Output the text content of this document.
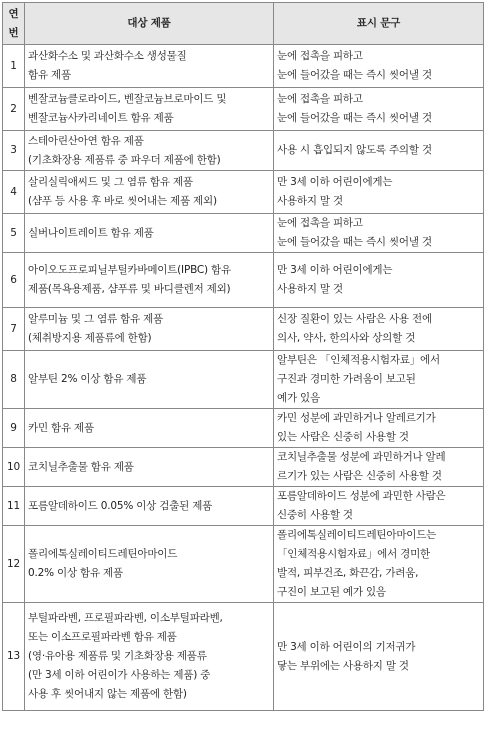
연 번	대상 제품	표시 문구
1	과산화수소 및 과산화수소 생성물질
함유 제품	눈에 접촉을 피하고
눈에 들어갔을 때는 즉시 씻어낼 것

2	벤잘코늄클로라이드, 벤잘코늄브로마이드 및
벤잘코늄사카리네이트 함유 제품	눈에 접촉을 피하고
눈에 들어갔을 때는 즉시 씻어낼 것

3	스테아린산아연 함유 제품
(기초화장용 제품류 중 파우더 제품에 한함)	사용 시 흡입되지 않도록 주의할 것

4	살리실릭애씨드 및 그 염류 함유 제품
(샴푸 등 사용 후 바로 씻어내는 제품 제외)	만 3세 이하 어린이에게는
사용하지 말 것

5	실버나이트레이트 함유 제품	눈에 접촉을 피하고
눈에 들어갔을 때는 즉시 씻어낼 것

6	아이오도프로피닐부틸카바메이트(IPBC) 함유
제품(목욕용제품, 샴푸류 및 바디클렌저 제외)	만 3세 이하 어린이에게는
사용하지 말 것

7	알루미늄 및 그 염류 함유 제품
(체취방지용 제품류에 한함)	신장 질환이 있는 사람은 사용 전에
의사, 약사, 한의사와 상의할 것

8	알부틴 2% 이상 함유 제품	알부틴은 「인체적용시험자료」에서
구진과 경미한 가려움이 보고된
예가 있음

9	카민 함유 제품	카민 성분에 과민하거나 알레르기가
있는 사람은 신중히 사용할 것

10	코치닐추출물 함유 제품	코치닐추출물 성분에 과민하거나 알레
르기가 있는 사람은 신중히 사용할 것

11	포름알데하이드 0.05% 이상 검출된 제품	포름알데하이드 성분에 과민한 사람은
신중히 사용할 것

12	폴리에톡실레이티드레틴아마이드
0.2% 이상 함유 제품	폴리에톡실레이티드레틴아마이드는
「인체적용시험자료」에서 경미한
발적, 피부건조, 화끈감, 가려움,
구진이 보고된 예가 있음

13	부틸파라벤, 프로필파라벤, 이소부틸파라벤,
또는 이소프로필파라벤 함유 제품
(영·유아용 제품류 및 기초화장용 제품류
(만 3세 이하 어린이가 사용하는 제품) 중
사용 후 씻어내지 않는 제품에 한함)	만 3세 이하 어린이의 기저귀가
닿는 부위에는 사용하지 말 것
